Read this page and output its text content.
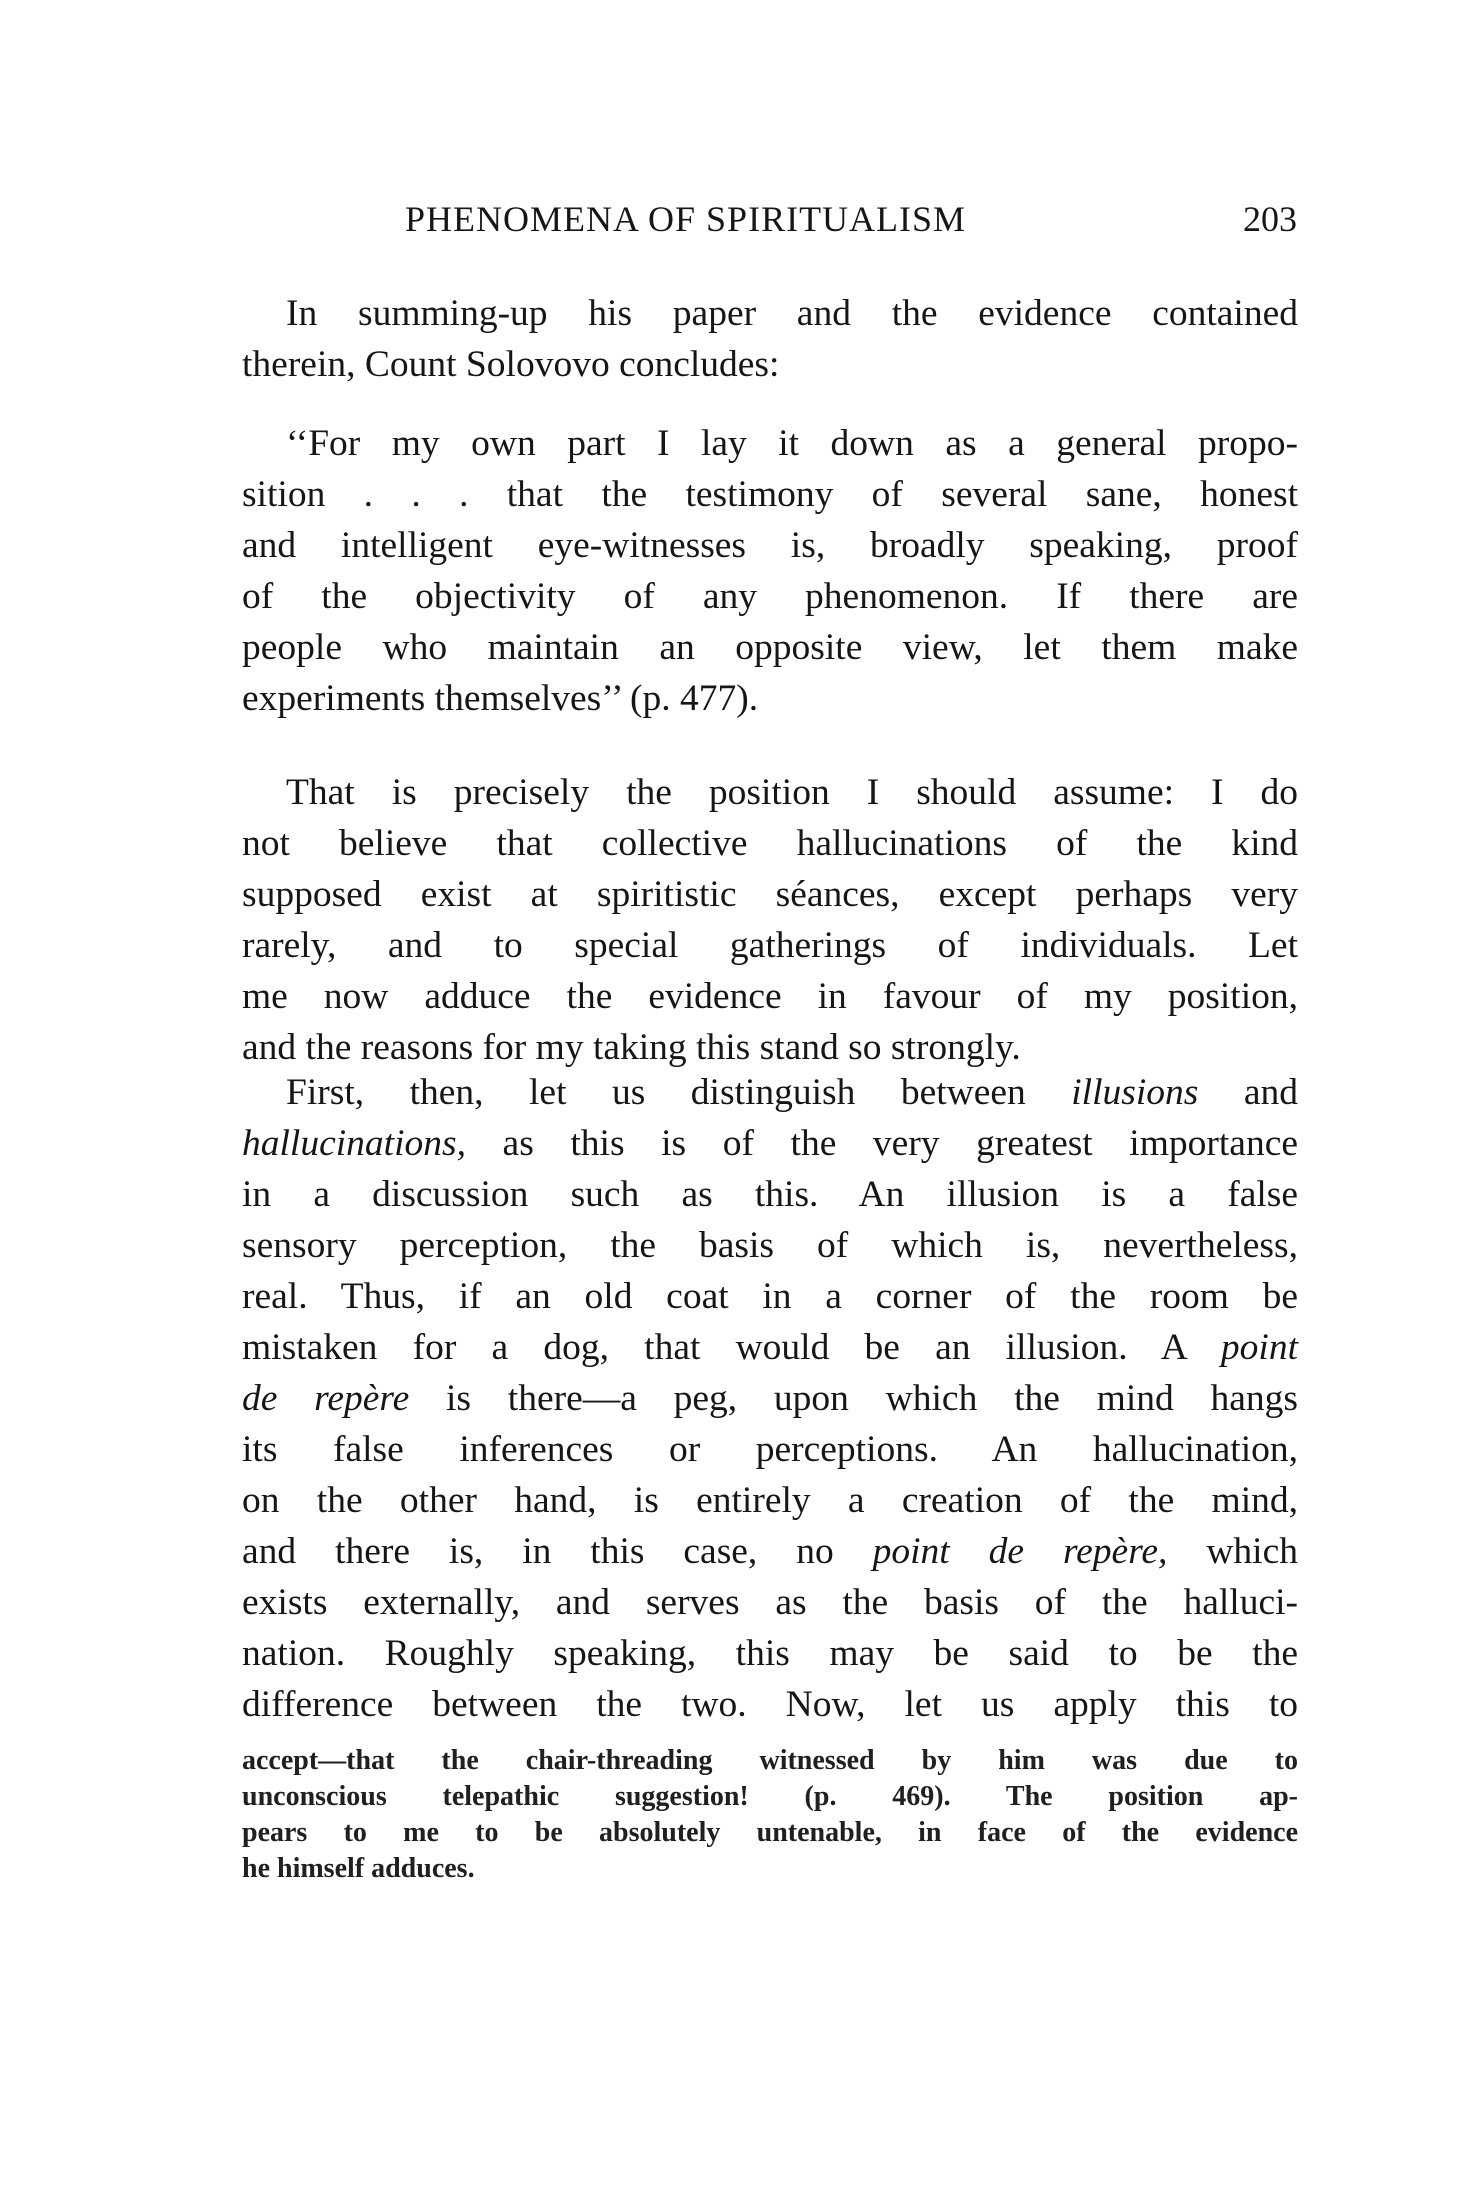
PHENOMENA OF SPIRITUALISM	203
In summing-up his paper and the evidence contained
therein, Count Solovovo concludes:
‘‘For my own part I lay it down as a general propo-
sition . . . that the testimony of several sane, honest
and intelligent eye-witnesses is, broadly speaking, proof
of the objectivity of any phenomenon. If there are
people who maintain an opposite view, let them make
experiments themselves’’ (p. 477).
That is precisely the position I should assume: I do
not believe that collective hallucinations of the kind
supposed exist at spiritistic séances, except perhaps very
rarely, and to special gatherings of individuals. Let
me now adduce the evidence in favour of my position,
and the reasons for my taking this stand so strongly.
First, then, let us distinguish between illusions and
hallucinations, as this is of the very greatest importance
in a discussion such as this. An illusion is a false
sensory perception, the basis of which is, nevertheless,
real. Thus, if an old coat in a corner of the room be
mistaken for a dog, that would be an illusion. A point
de repère is there—a peg, upon which the mind hangs
its false inferences or perceptions. An hallucination,
on the other hand, is entirely a creation of the mind,
and there is, in this case, no point de repère, which
exists externally, and serves as the basis of the halluci-
nation. Roughly speaking, this may be said to be the
difference between the two. Now, let us apply this to
accept—that the chair-threading witnessed by him was due to
unconscious telepathic suggestion! (p. 469). The position ap-
pears to me to be absolutely untenable, in face of the evidence
he himself adduces.
